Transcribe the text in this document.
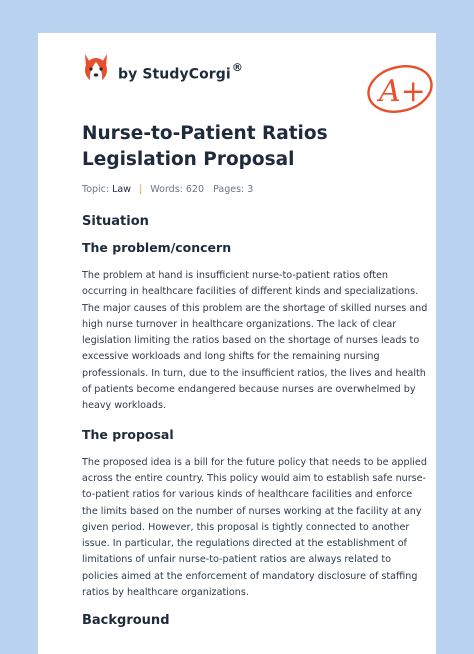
by StudyCorgi®
A+
Nurse-to-Patient Ratios
Legislation Proposal
Topic: Law | Words: 620 Pages: 3
Situation
The problem/concern

The problem at hand is insufficient nurse-to-patient ratios often
occurring in healthcare facilities of different kinds and specializations.
The major causes of this problem are the shortage of skilled nurses and
high nurse turnover in healthcare organizations. The lack of clear
legislation limiting the ratios based on the shortage of nurses leads to
excessive workloads and long shifts for the remaining nursing
professionals. In turn, due to the insufficient ratios, the lives and health
of patients become endangered because nurses are overwhelmed by
heavy workloads.

The proposal

The proposed idea is a bill for the future policy that needs to be applied
across the entire country. This policy would aim to establish safe nurse-
to-patient ratios for various kinds of healthcare facilities and enforce
the limits based on the number of nurses working at the facility at any
given period. However, this proposal is tightly connected to another
issue. In particular, the regulations directed at the establishment of
limitations of unfair nurse-to-patient ratios are always related to
policies aimed at the enforcement of mandatory disclosure of staffing
ratios by healthcare organizations.

Background
